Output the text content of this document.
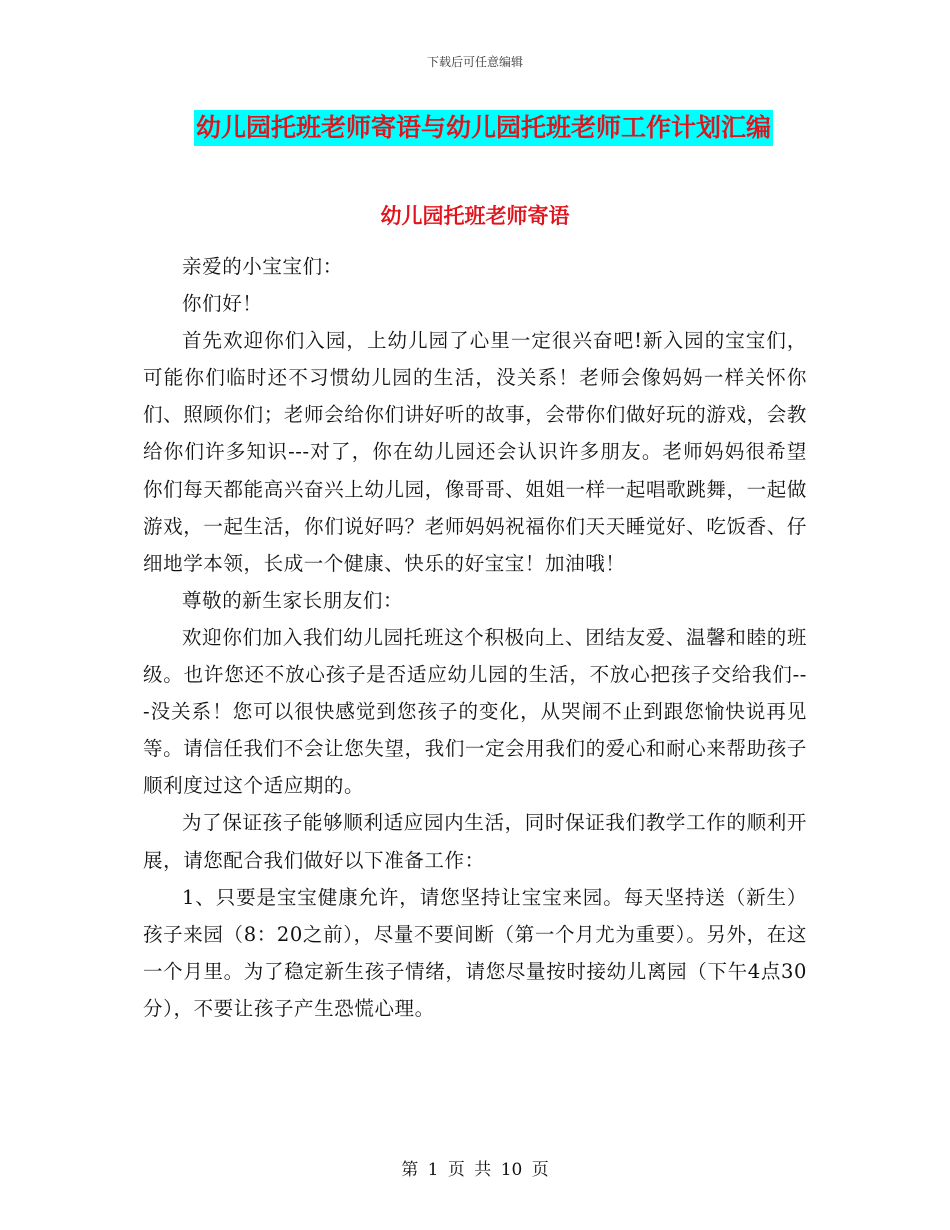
下载后可任意编辑
幼儿园托班老师寄语与幼儿园托班老师工作计划汇编
幼儿园托班老师寄语

亲爱的小宝宝们：

你们好！

首先欢迎你们入园，上幼儿园了心里一定很兴奋吧!新入园的宝宝们，可能你们临时还不习惯幼儿园的生活，没关系！老师会像妈妈一样关怀你们、照顾你们；老师会给你们讲好听的故事，会带你们做好玩的游戏，会教给你们许多知识---对了，你在幼儿园还会认识许多朋友。老师妈妈很希望你们每天都能高兴奋兴上幼儿园，像哥哥、姐姐一样一起唱歌跳舞，一起做游戏，一起生活，你们说好吗？老师妈妈祝福你们天天睡觉好、吃饭香、仔细地学本领，长成一个健康、快乐的好宝宝！加油哦！

尊敬的新生家长朋友们：

欢迎你们加入我们幼儿园托班这个积极向上、团结友爱、温馨和睦的班级。也许您还不放心孩子是否适应幼儿园的生活，不放心把孩子交给我们---没关系！您可以很快感觉到您孩子的变化，从哭闹不止到跟您愉快说再见等。请信任我们不会让您失望，我们一定会用我们的爱心和耐心来帮助孩子顺利度过这个适应期的。

为了保证孩子能够顺利适应园内生活，同时保证我们教学工作的顺利开展，请您配合我们做好以下准备工作：

1、只要是宝宝健康允许，请您坚持让宝宝来园。每天坚持送（新生）孩子来园（8：20之前），尽量不要间断（第一个月尤为重要）。另外，在这一个月里。为了稳定新生孩子情绪，请您尽量按时接幼儿离园（下午4点30分），不要让孩子产生恐慌心理。

第 1 页 共 10 页
